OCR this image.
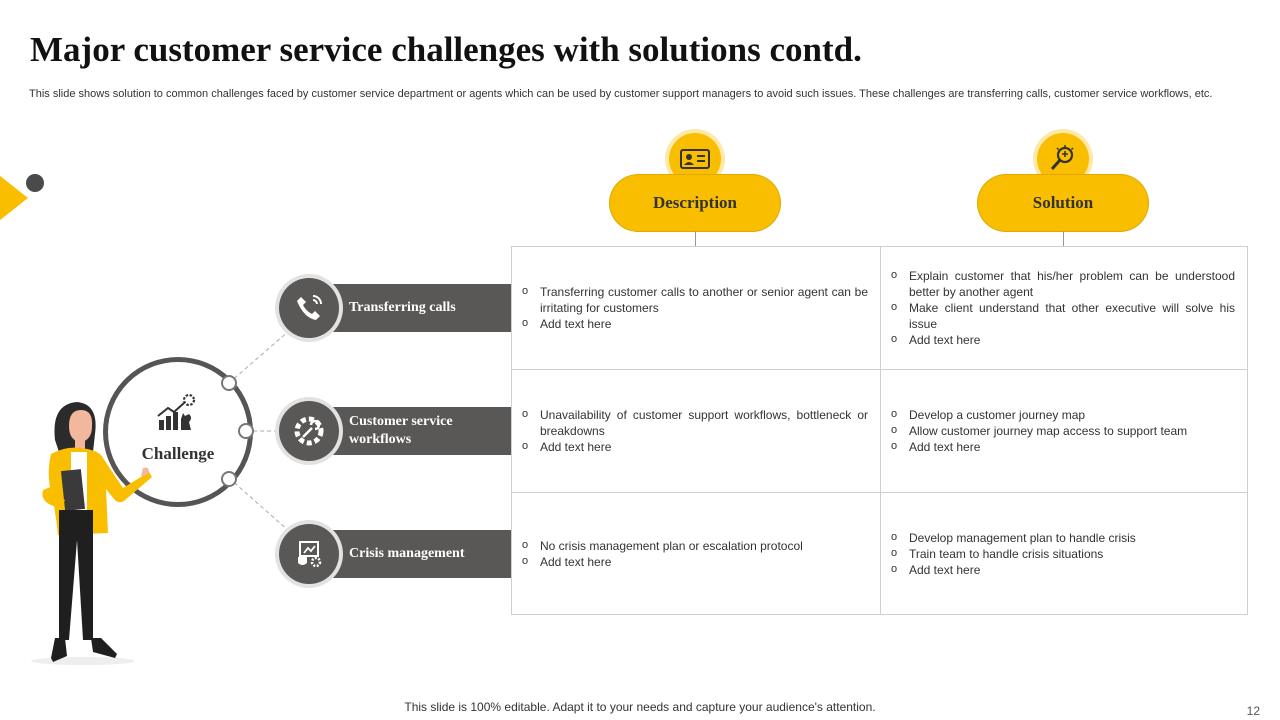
Major customer service challenges with solutions contd.
This slide shows solution to common challenges faced by customer service department or agents which can be used by customer support managers to avoid such issues. These challenges are transferring calls, customer service workflows, etc.
Description	Solution
o Transferring customer calls to another or senior agent can be irritating for customers
o Add text here
o Explain customer that his/her problem can be understood better by another agent
o Make client understand that other executive will solve his issue
o Add text here
o Unavailability of customer support workflows, bottleneck or breakdowns
o Add text here
o Develop a customer journey map
o Allow customer journey map access to support team
o Add text here
o No crisis management plan or escalation protocol
o Add text here
o Develop management plan to handle crisis
o Train team to handle crisis situations
o Add text here
Transferring calls
Customer service workflows
Crisis management
Challenge
This slide is 100% editable. Adapt it to your needs and capture your audience's attention.	12
